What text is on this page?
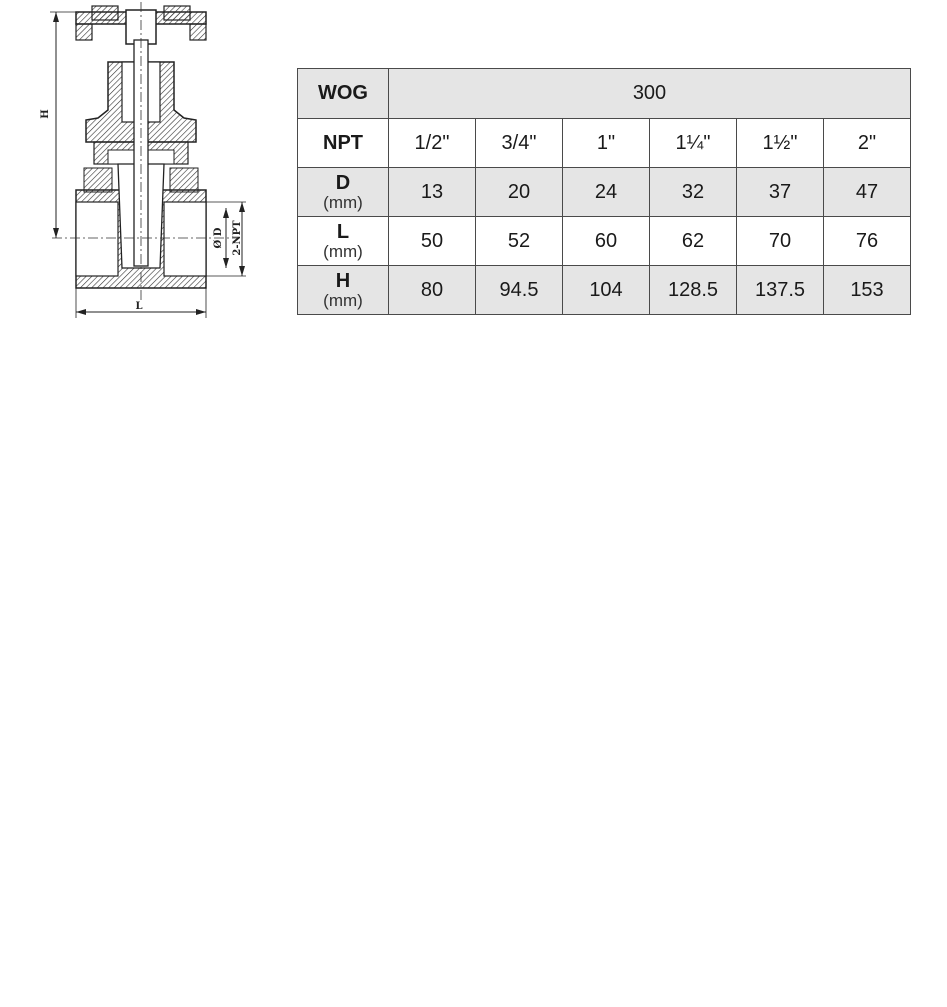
H
L
Ø D 2-NPT
WOG	300					
NPT	1/2"	3/4"	1"	1¼"	1½"	2"

D
(mm)	13	20	24	32	37	47

L
(mm)	50	52	60	62	70	76

H
(mm)	80	94.5	104	128.5	137.5	153
